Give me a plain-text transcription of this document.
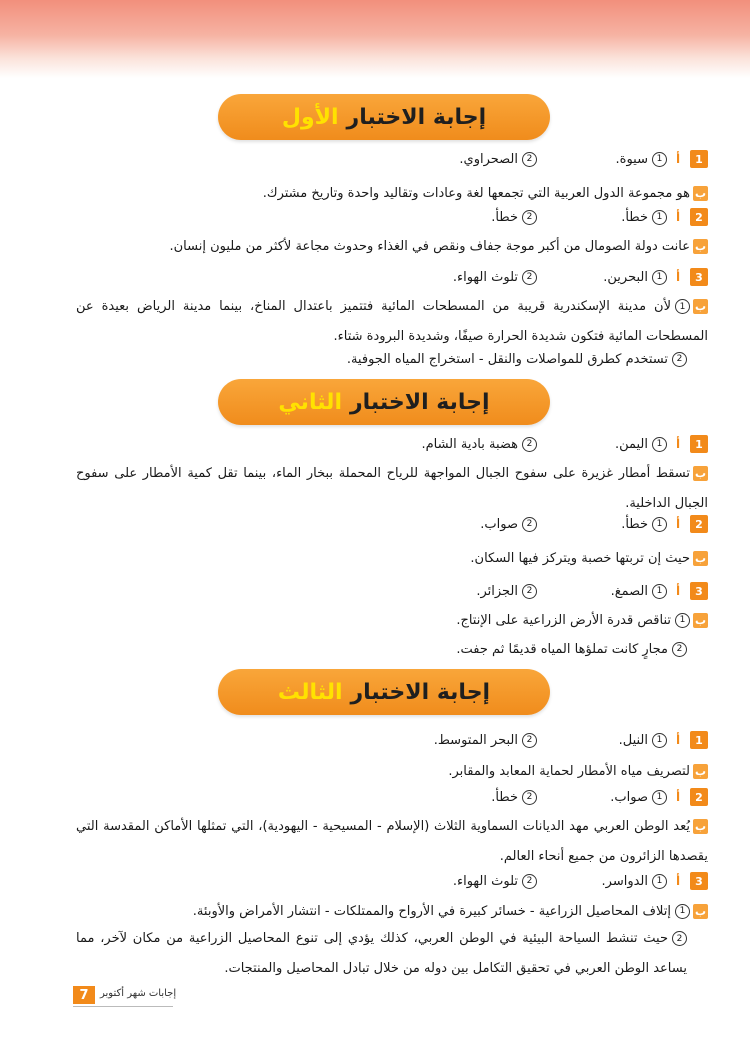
إجابة الاختبار
الأول
1
أ
1
سيوة.
2
الصحراوي.
ب
هو مجموعة الدول العربية التي تجمعها لغة وعادات وتقاليد واحدة وتاريخ مشترك.
2
أ
1
خطأ.
2
خطأ.
ب
عانت دولة الصومال من أكبر موجة جفاف ونقص في الغذاء وحدوث مجاعة لأكثر من مليون إنسان.
3
أ
1
البحرين.
2
تلوث الهواء.
ب1لأن مدينة الإسكندرية قريبة من المسطحات المائية فتتميز باعتدال المناخ، بينما مدينة الرياض بعيدة عن المسطحات المائية فتكون شديدة الحرارة صيفًا، وشديدة البرودة شتاء.
2
تستخدم كطرق للمواصلات والنقل - استخراج المياه الجوفية.
إجابة الاختبار
الثاني
1
أ
1
اليمن.
2
هضبة بادية الشام.
بتسقط أمطار غزيرة على سفوح الجبال المواجهة للرياح المحملة ببخار الماء، بينما تقل كمية الأمطار على سفوح الجبال الداخلية.
2
أ
1
خطأ.
2
صواب.
ب
حيث إن تربتها خصبة ويتركز فيها السكان.
3
أ
1
الصمغ.
2
الجزائر.
ب
1
تناقص قدرة الأرض الزراعية على الإنتاج.
2
مجارٍ كانت تملؤها المياه قديمًا ثم جفت.
إجابة الاختبار
الثالث
1
أ
1
النيل.
2
البحر المتوسط.
ب
لتصريف مياه الأمطار لحماية المعابد والمقابر.
2
أ
1
صواب.
2
خطأ.
بيُعد الوطن العربي مهد الديانات السماوية الثلاث (الإسلام - المسيحية - اليهودية)، التي تمثلها الأماكن المقدسة التي يقصدها الزائرون من جميع أنحاء العالم.
3
أ
1
الدواسر.
2
تلوث الهواء.
ب
1
إتلاف المحاصيل الزراعية - خسائر كبيرة في الأرواح والممتلكات - انتشار الأمراض والأوبئة.
2حيث تنشط السياحة البيئية في الوطن العربي، كذلك يؤدي إلى تنوع المحاصيل الزراعية من مكان لآخر، مما يساعد الوطن العربي في تحقيق التكامل بين دوله من خلال تبادل المحاصيل والمنتجات.
7	إجابات شهر أكتوبر
